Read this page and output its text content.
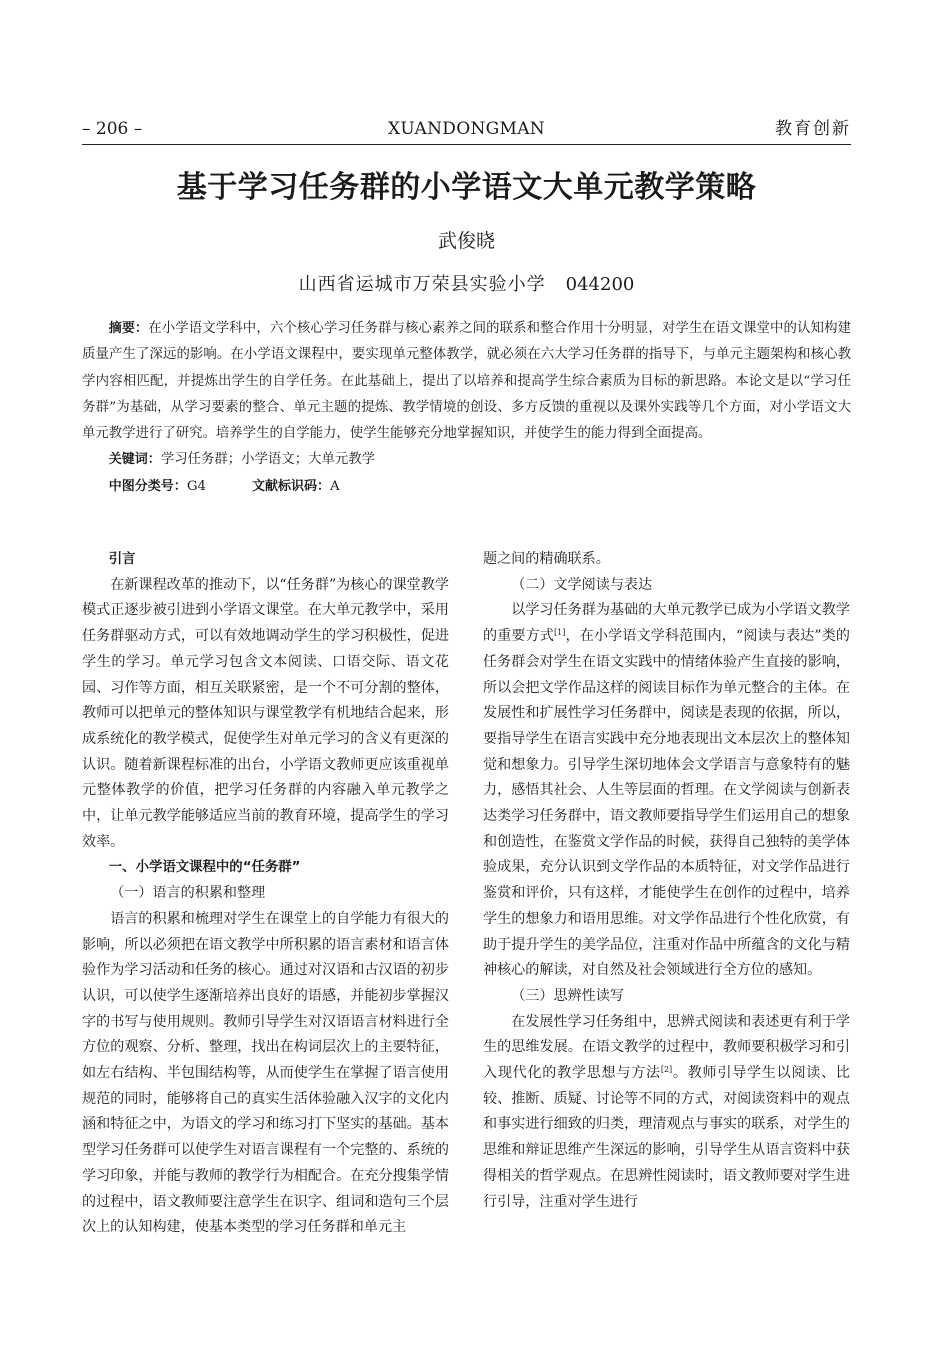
– 206 –	XUANDONGMAN	教育创新
基于学习任务群的小学语文大单元教学策略
武俊晓
山西省运城市万荣县实验小学 044200

摘要：在小学语文学科中，六个核心学习任务群与核心素养之间的联系和整合作用十分明显，对学生在语文课堂中的认知构建质量产生了深远的影响。在小学语文课程中，要实现单元整体教学，就必须在六大学习任务群的指导下，与单元主题架构和核心教学内容相匹配，并提炼出学生的自学任务。在此基础上，提出了以培养和提高学生综合素质为目标的新思路。本论文是以“学习任务群”为基础，从学习要素的整合、单元主题的提炼、教学情境的创设、多方反馈的重视以及课外实践等几个方面，对小学语文大单元教学进行了研究。培养学生的自学能力，使学生能够充分地掌握知识，并使学生的能力得到全面提高。

关键词：学习任务群；小学语文；大单元教学

中图分类号：G4	文献标识码：A

引言

在新课程改革的推动下，以“任务群”为核心的课堂教学模式正逐步被引进到小学语文课堂。在大单元教学中，采用任务群驱动方式，可以有效地调动学生的学习积极性，促进学生的学习。单元学习包含文本阅读、口语交际、语文花园、习作等方面，相互关联紧密，是一个不可分割的整体，教师可以把单元的整体知识与课堂教学有机地结合起来，形成系统化的教学模式，促使学生对单元学习的含义有更深的认识。随着新课程标准的出台，小学语文教师更应该重视单元整体教学的价值，把学习任务群的内容融入单元教学之中，让单元教学能够适应当前的教育环境，提高学生的学习效率。

一、小学语文课程中的“任务群”

（一）语言的积累和整理

语言的积累和梳理对学生在课堂上的自学能力有很大的影响，所以必须把在语文教学中所积累的语言素材和语言体验作为学习活动和任务的核心。通过对汉语和古汉语的初步认识，可以使学生逐渐培养出良好的语感，并能初步掌握汉字的书写与使用规则。教师引导学生对汉语语言材料进行全方位的观察、分析、整理，找出在构词层次上的主要特征，如左右结构、半包围结构等，从而使学生在掌握了语言使用规范的同时，能够将自己的真实生活体验融入汉字的文化内涵和特征之中，为语文的学习和练习打下坚实的基础。基本型学习任务群可以使学生对语言课程有一个完整的、系统的学习印象，并能与教师的教学行为相配合。在充分搜集学情的过程中，语文教师要注意学生在识字、组词和造句三个层次上的认知构建，使基本类型的学习任务群和单元主

题之间的精确联系。

（二）文学阅读与表达

以学习任务群为基础的大单元教学已成为小学语文教学的重要方式[1]，在小学语文学科范围内，“阅读与表达”类的任务群会对学生在语文实践中的情绪体验产生直接的影响，所以会把文学作品这样的阅读目标作为单元整合的主体。在发展性和扩展性学习任务群中，阅读是表现的依据，所以，要指导学生在语言实践中充分地表现出文本层次上的整体知觉和想象力。引导学生深切地体会文学语言与意象特有的魅力，感悟其社会、人生等层面的哲理。在文学阅读与创新表达类学习任务群中，语文教师要指导学生们运用自己的想象和创造性，在鉴赏文学作品的时候，获得自己独特的美学体验成果，充分认识到文学作品的本质特征，对文学作品进行鉴赏和评价，只有这样，才能使学生在创作的过程中，培养学生的想象力和语用思维。对文学作品进行个性化欣赏，有助于提升学生的美学品位，注重对作品中所蕴含的文化与精神核心的解读，对自然及社会领域进行全方位的感知。

（三）思辨性读写

在发展性学习任务组中，思辨式阅读和表述更有利于学生的思维发展。在语文教学的过程中，教师要积极学习和引入现代化的教学思想与方法[2]。教师引导学生以阅读、比较、推断、质疑、讨论等不同的方式，对阅读资料中的观点和事实进行细致的归类，理清观点与事实的联系，对学生的思维和辩证思维产生深远的影响，引导学生从语言资料中获得相关的哲学观点。在思辨性阅读时，语文教师要对学生进行引导，注重对学生进行
